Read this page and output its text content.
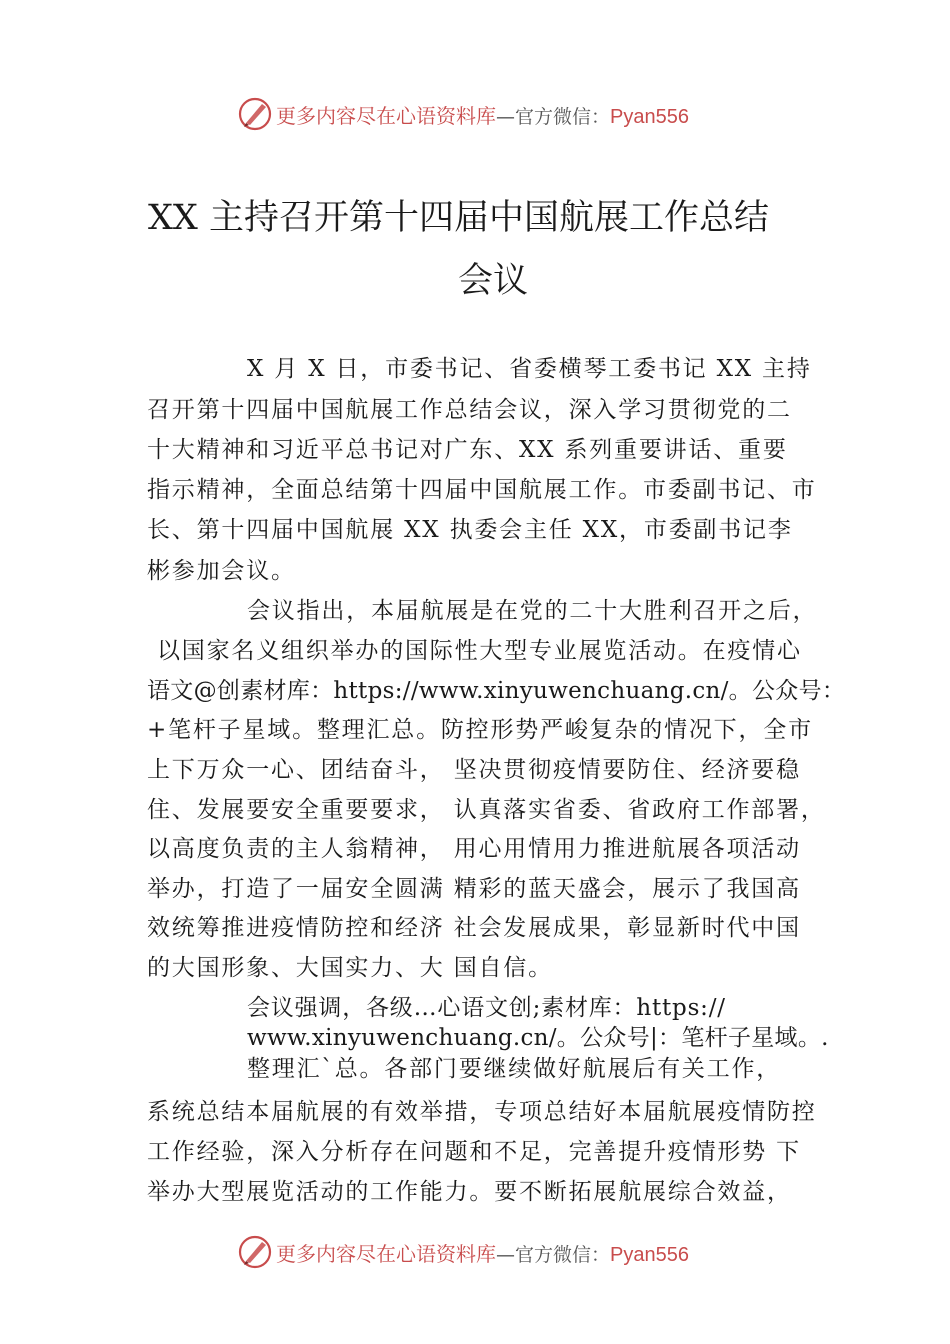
更多内容尽在心语资料库—官方微信：Pyan556
XX 主持召开第十四届中国航展工作总结
会议
X 月 X 日，市委书记、省委横琴工委书记 XX 主持
召开第十四届中国航展工作总结会议，深入学习贯彻党的二
十大精神和习近平总书记对广东、XX 系列重要讲话、重要
指示精神，全面总结第十四届中国航展工作。市委副书记、市
长、第十四届中国航展 XX 执委会主任 XX，市委副书记李
彬参加会议。
会议指出，本届航展是在党的二十大胜利召开之后，
以国家名义组织举办的国际性大型专业展览活动。在疫情心
语文@创素材库：https://www.xinyuwenchuang.cn/。公众号：
+笔杆子星域。整理汇总。防控形势严峻复杂的情况下，全市
上下万众一心、团结奋斗， 坚决贯彻疫情要防住、经济要稳
住、发展要安全重要要求， 认真落实省委、省政府工作部署，
以高度负责的主人翁精神， 用心用情用力推进航展各项活动
举办，打造了一届安全圆满 精彩的蓝天盛会，展示了我国高
效统筹推进疫情防控和经济 社会发展成果，彰显新时代中国
的大国形象、大国实力、大 国自信。
会议强调，各级…心语文创;素材库：https://
www.xinyuwenchuang.cn/。公众号|：笔杆子星域。.
整理汇`总。各部门要继续做好航展后有关工作，
系统总结本届航展的有效举措，专项总结好本届航展疫情防控
工作经验，深入分析存在问题和不足，完善提升疫情形势 下
举办大型展览活动的工作能力。要不断拓展航展综合效益，
更多内容尽在心语资料库—官方微信：Pyan556
